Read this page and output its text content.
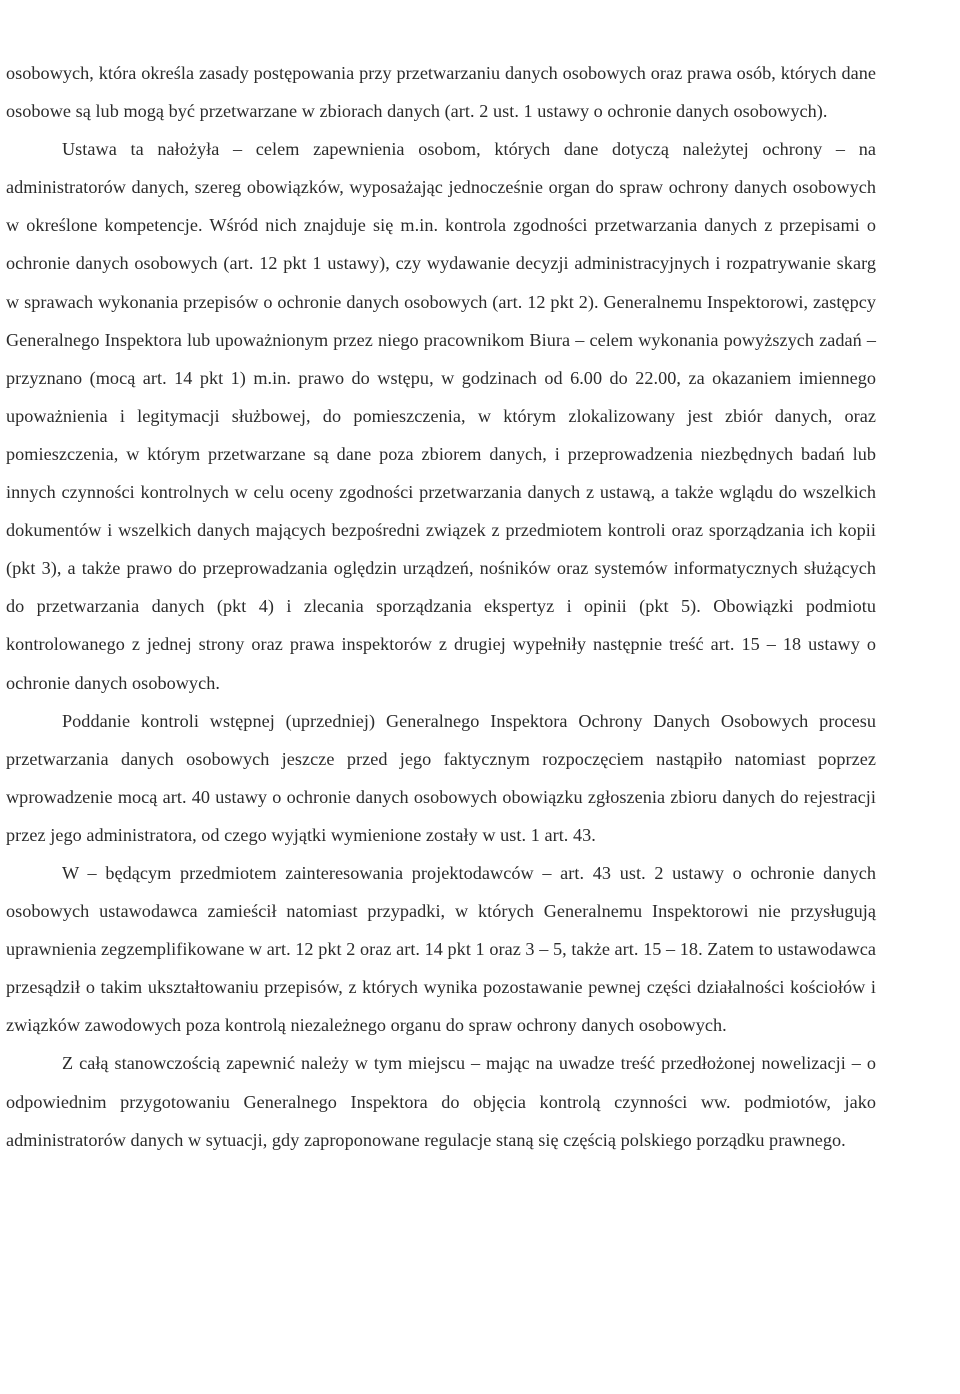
osobowych, która określa zasady postępowania przy przetwarzaniu danych osobowych oraz prawa osób, których dane osobowe są lub mogą być przetwarzane w zbiorach danych (art. 2 ust. 1 ustawy o ochronie danych osobowych).

Ustawa ta nałożyła – celem zapewnienia osobom, których dane dotyczą należytej ochrony – na administratorów danych, szereg obowiązków, wyposażając jednocześnie organ do spraw ochrony danych osobowych w określone kompetencje. Wśród nich znajduje się m.in. kontrola zgodności przetwarzania danych z przepisami o ochronie danych osobowych (art. 12 pkt 1 ustawy), czy wydawanie decyzji administracyjnych i rozpatrywanie skarg w sprawach wykonania przepisów o ochronie danych osobowych (art. 12 pkt 2). Generalnemu Inspektorowi, zastępcy Generalnego Inspektora lub upoważnionym przez niego pracownikom Biura – celem wykonania powyższych zadań – przyznano (mocą art. 14 pkt 1) m.in. prawo do wstępu, w godzinach od 6.00 do 22.00, za okazaniem imiennego upoważnienia i legitymacji służbowej, do pomieszczenia, w którym zlokalizowany jest zbiór danych, oraz pomieszczenia, w którym przetwarzane są dane poza zbiorem danych, i przeprowadzenia niezbędnych badań lub innych czynności kontrolnych w celu oceny zgodności przetwarzania danych z ustawą, a także wglądu do wszelkich dokumentów i wszelkich danych mających bezpośredni związek z przedmiotem kontroli oraz sporządzania ich kopii (pkt 3), a także prawo do przeprowadzania oględzin urządzeń, nośników oraz systemów informatycznych służących do przetwarzania danych (pkt 4) i zlecania sporządzania ekspertyz i opinii (pkt 5). Obowiązki podmiotu kontrolowanego z jednej strony oraz prawa inspektorów z drugiej wypełniły następnie treść art. 15 – 18 ustawy o ochronie danych osobowych.

Poddanie kontroli wstępnej (uprzedniej) Generalnego Inspektora Ochrony Danych Osobowych procesu przetwarzania danych osobowych jeszcze przed jego faktycznym rozpoczęciem nastąpiło natomiast poprzez wprowadzenie mocą art. 40 ustawy o ochronie danych osobowych obowiązku zgłoszenia zbioru danych do rejestracji przez jego administratora, od czego wyjątki wymienione zostały w ust. 1 art. 43.

W – będącym przedmiotem zainteresowania projektodawców – art. 43 ust. 2 ustawy o ochronie danych osobowych ustawodawca zamieścił natomiast przypadki, w których Generalnemu Inspektorowi nie przysługują uprawnienia zegzemplifikowane w art. 12 pkt 2 oraz art. 14 pkt 1 oraz 3 – 5, także art. 15 – 18. Zatem to ustawodawca przesądził o takim ukształtowaniu przepisów, z których wynika pozostawanie pewnej części działalności kościołów i związków zawodowych poza kontrolą niezależnego organu do spraw ochrony danych osobowych.

Z całą stanowczością zapewnić należy w tym miejscu – mając na uwadze treść przedłożonej nowelizacji – o odpowiednim przygotowaniu Generalnego Inspektora do objęcia kontrolą czynności ww. podmiotów, jako administratorów danych w sytuacji, gdy zaproponowane regulacje staną się częścią polskiego porządku prawnego.
